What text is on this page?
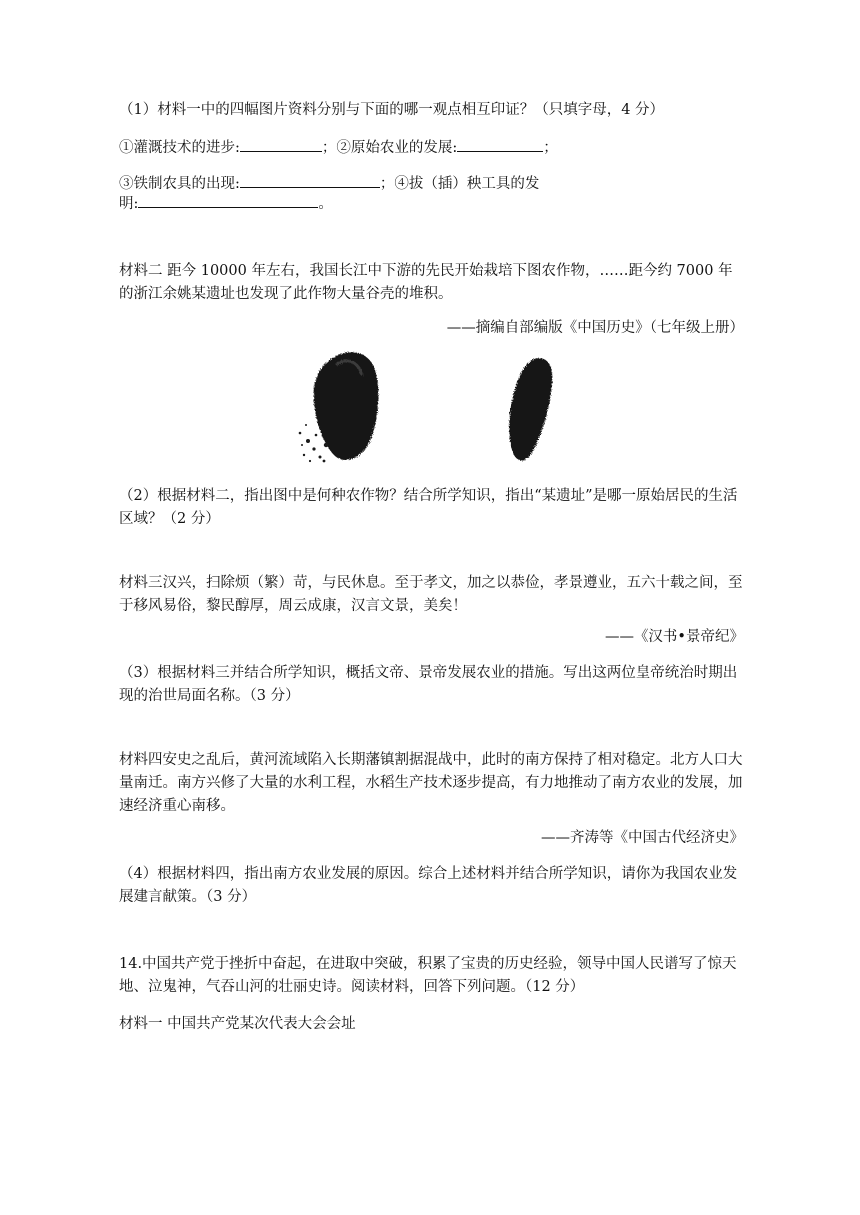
（1）材料一中的四幅图片资料分别与下面的哪一观点相互印证？（只填字母，4 分）
①灌溉技术的进步:	；②原始农业的发展:	；
③铁制农具的出现:	；④拔（插）秧工具的发
明:	。
材料二 距今 10000 年左右，我国长江中下游的先民开始栽培下图农作物，……距今约 7000 年的浙江余姚某遗址也发现了此作物大量谷壳的堆积。
——摘编自部编版《中国历史》（七年级上册）
（2）根据材料二，指出图中是何种农作物？结合所学知识，指出“某遗址”是哪一原始居民的生活区域？（2 分）
材料三汉兴，扫除烦（繁）苛，与民休息。至于孝文，加之以恭俭，孝景遵业，五六十载之间，至于移风易俗，黎民醇厚，周云成康，汉言文景，美矣！
——《汉书•景帝纪》
（3）根据材料三并结合所学知识，概括文帝、景帝发展农业的措施。写出这两位皇帝统治时期出现的治世局面名称。（3 分）
材料四安史之乱后，黄河流域陷入长期藩镇割据混战中，此时的南方保持了相对稳定。北方人口大量南迁。南方兴修了大量的水利工程，水稻生产技术逐步提高，有力地推动了南方农业的发展，加速经济重心南移。
——齐涛等《中国古代经济史》
（4）根据材料四，指出南方农业发展的原因。综合上述材料并结合所学知识，请你为我国农业发展建言献策。（3 分）
14.中国共产党于挫折中奋起，在进取中突破，积累了宝贵的历史经验，领导中国人民谱写了惊天地、泣鬼神，气吞山河的壮丽史诗。阅读材料，回答下列问题。（12 分）
材料一 中国共产党某次代表大会会址
